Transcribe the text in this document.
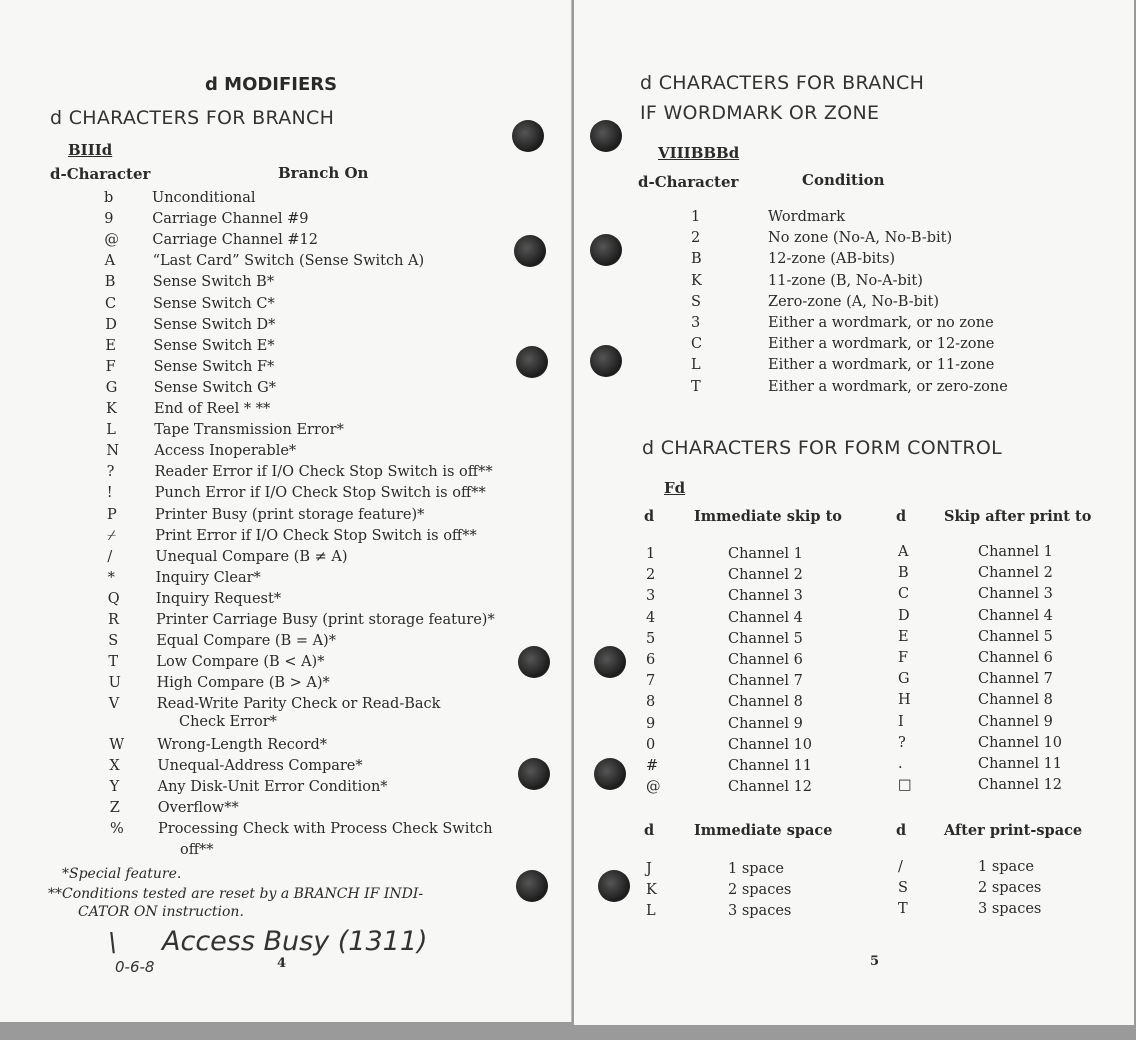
d MODIFIERS
d CHARACTERS FOR BRANCH
BIIId
d-Character	Branch On
b	Unconditional
9	Carriage Channel #9
@ Carriage Channel #12
A	“Last Card” Switch (Sense Switch A)
B	Sense Switch B*
C	Sense Switch C*
D	Sense Switch D*
E	Sense Switch E*
F	Sense Switch F*
G	Sense Switch G*
K	End of Reel * **
L	Tape Transmission Error*
N Access Inoperable*
?	Reader Error if I/O Check Stop Switch is off**
!	Punch Error if I/O Check Stop Switch is off**
P	Printer Busy (print storage feature)*
⌿	Print Error if I/O Check Stop Switch is off**
/	Unequal Compare (B ≠ A)
*	Inquiry Clear*
Q Inquiry Request*
R	Printer Carriage Busy (print storage feature)*
S	Equal Compare (B = A)*
T	Low Compare (B < A)*
U High Compare (B > A)*
V	Read-Write Parity Check or Read-Back
Check Error*
W Wrong-Length Record*
X	Unequal-Address Compare*
Y	Any Disk-Unit Error Condition*
Z	Overflow**
% Processing Check with Process Check Switch
off**
*Special feature.
**Conditions tested are reset by a BRANCH IF INDI-
CATOR ON instruction.
\ Access Busy (1311)
0-6-8	4
d CHARACTERS FOR BRANCH
IF WORDMARK OR ZONE
VIIIBBBd
d-Character	Condition
1	Wordmark
2	No zone (No-A, No-B-bit)
B	12-zone (AB-bits)
K	11-zone (B, No-A-bit)
S	Zero-zone (A, No-B-bit)
3	Either a wordmark, or no zone
C	Either a wordmark, or 12-zone
L	Either a wordmark, or 11-zone
T	Either a wordmark, or zero-zone
d CHARACTERS FOR FORM CONTROL
Fd
d	Immediate skip to	d	Skip after print to
1	Channel 1	A	Channel 1
2	Channel 2	B	Channel 2
3	Channel 3	C	Channel 3
4	Channel 4	D	Channel 4
5	Channel 5	E	Channel 5
6	Channel 6	F	Channel 6
7	Channel 7	G	Channel 7
8	Channel 8	H	Channel 8
9	Channel 9	I	Channel 9
0	Channel 10	?	Channel 10
#	Channel 11	.	Channel 11
@	Channel 12	□	Channel 12
d	Immediate space	d	After print-space
J	1 space	/	1 space
K	2 spaces	S	2 spaces
L	3 spaces	T	3 spaces
5
